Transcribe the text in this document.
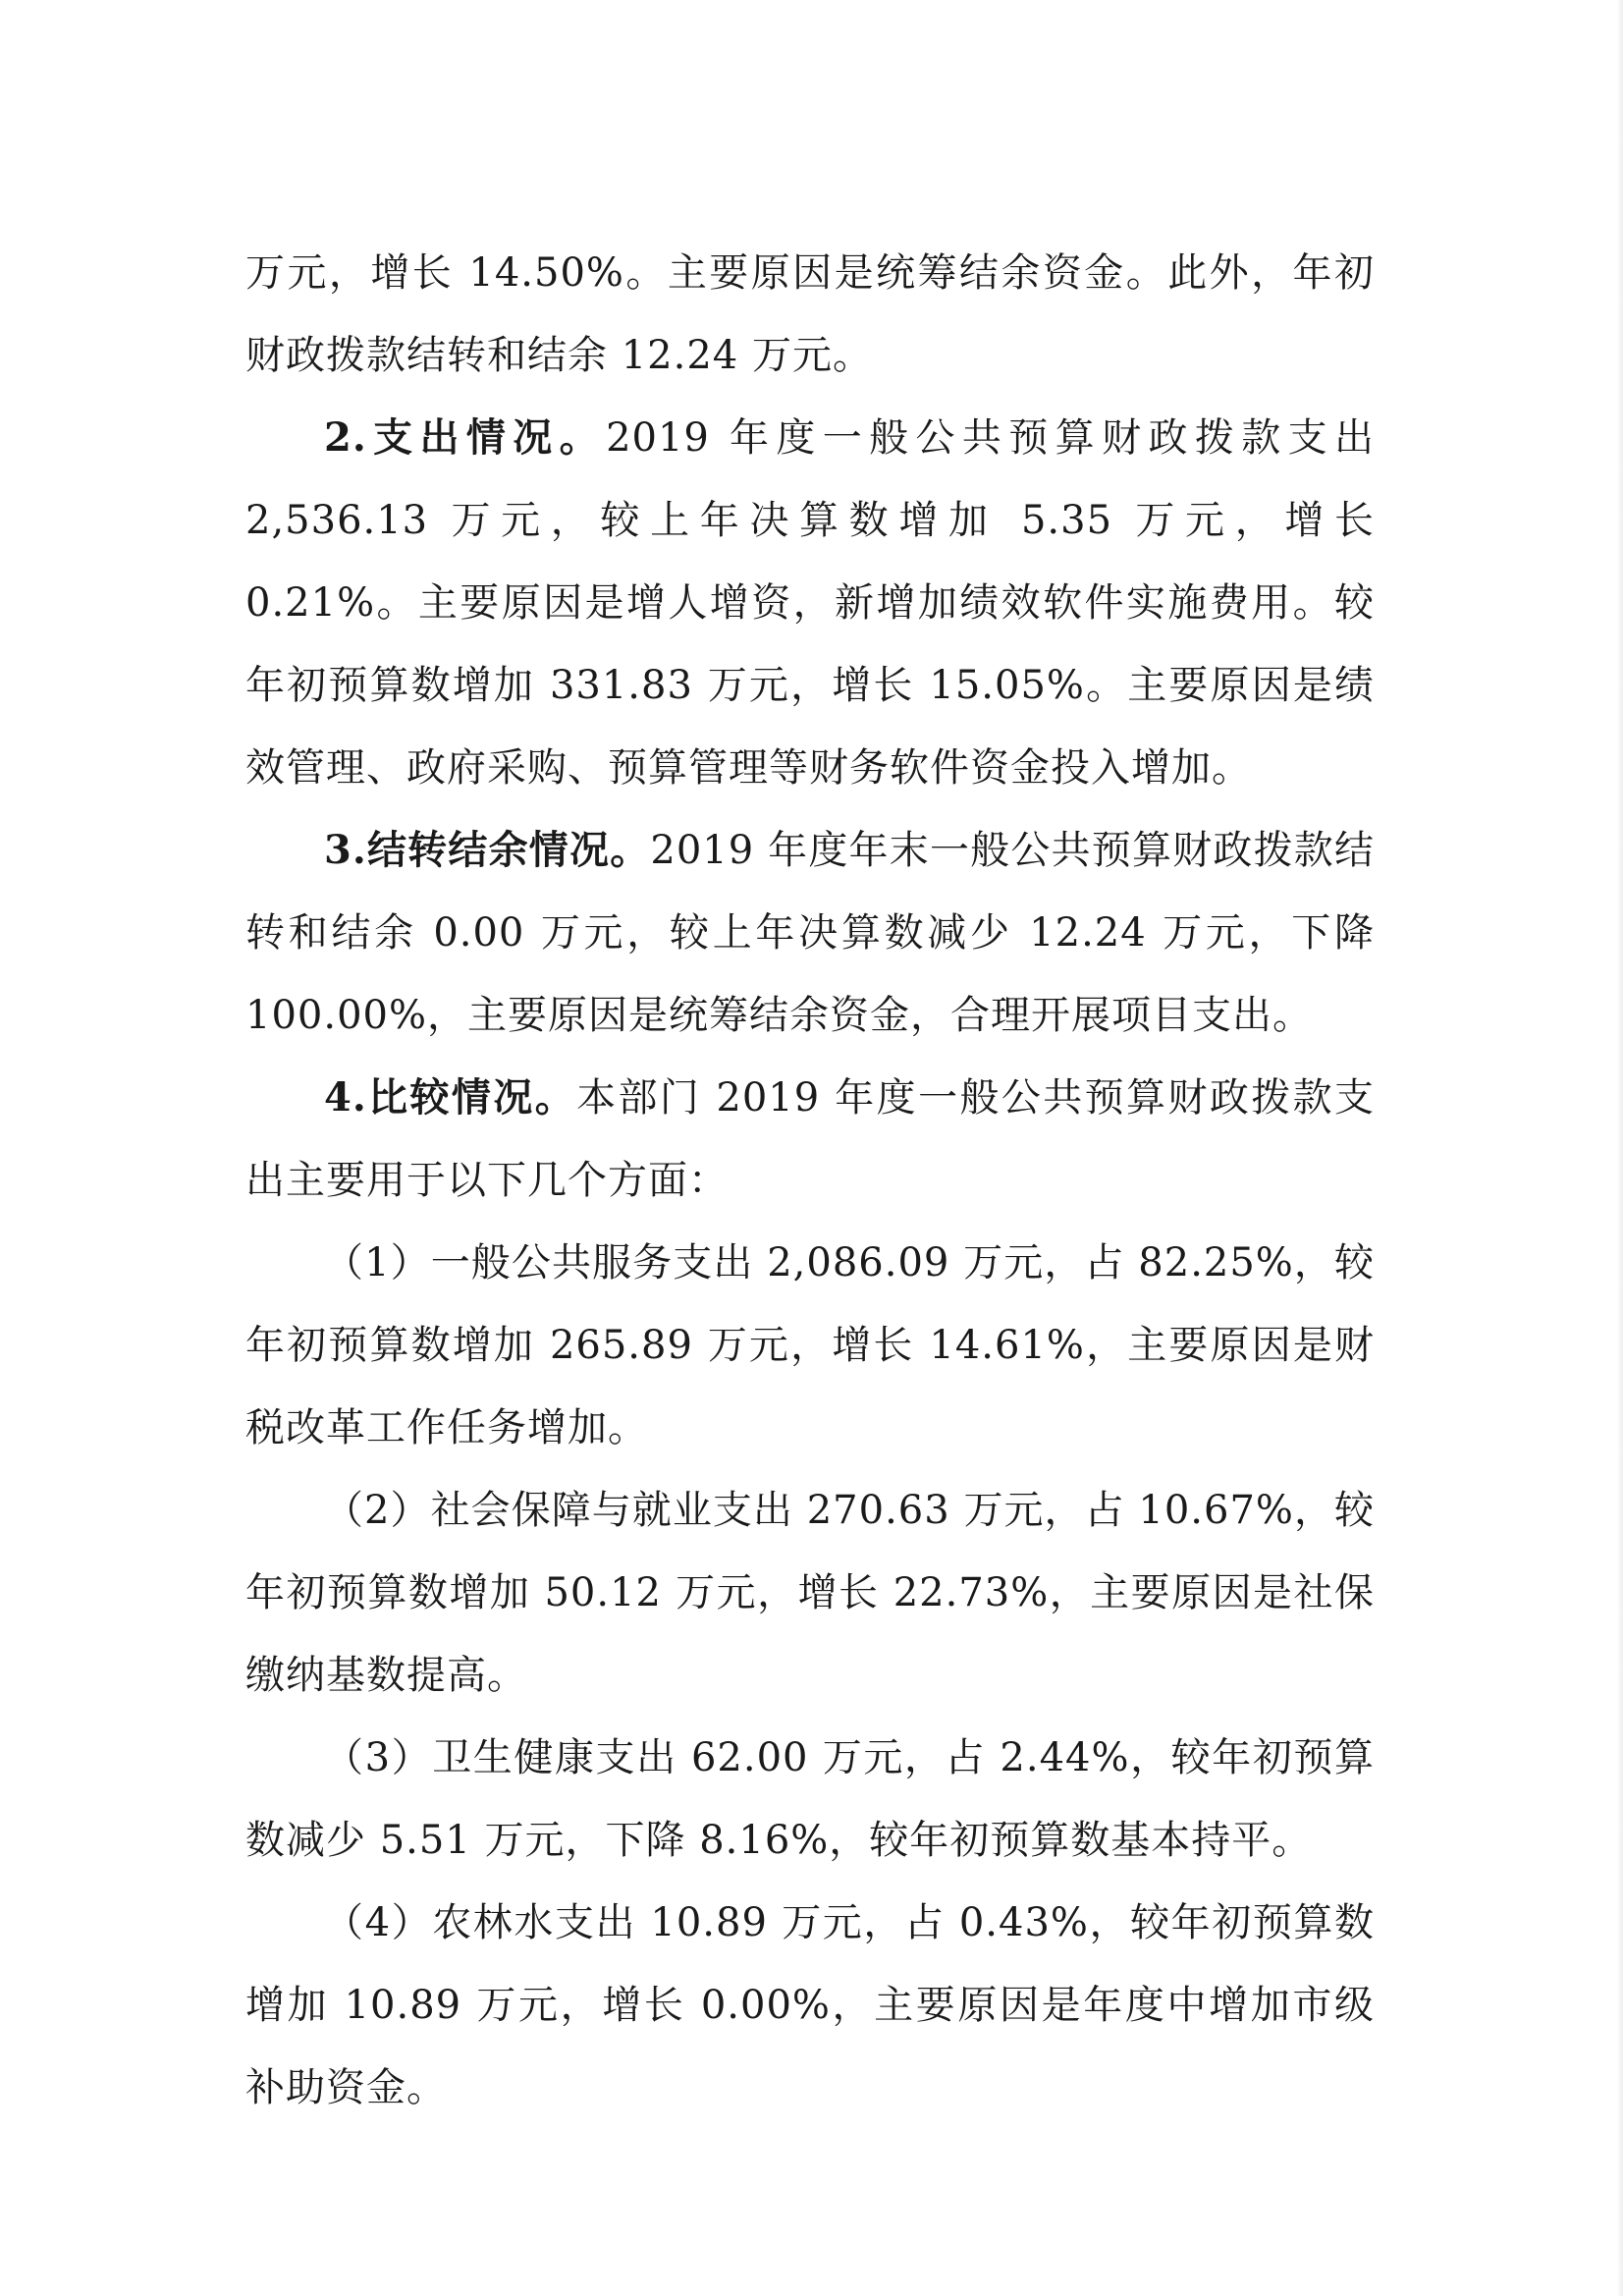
万元，增长 14.50%。主要原因是统筹结余资金。此外，年初财政拨款结转和结余 12.24 万元。

2.支出情况。2019 年度一般公共预算财政拨款支出 2,536.13 万元，较上年决算数增加 5.35 万元，增长 0.21%。主要原因是增人增资，新增加绩效软件实施费用。较年初预算数增加 331.83 万元，增长 15.05%。主要原因是绩效管理、政府采购、预算管理等财务软件资金投入增加。

3.结转结余情况。2019 年度年末一般公共预算财政拨款结转和结余 0.00 万元，较上年决算数减少 12.24 万元，下降 100.00%，主要原因是统筹结余资金，合理开展项目支出。

4.比较情况。本部门 2019 年度一般公共预算财政拨款支出主要用于以下几个方面：

（1）一般公共服务支出 2,086.09 万元，占 82.25%，较年初预算数增加 265.89 万元，增长 14.61%，主要原因是财税改革工作任务增加。

（2）社会保障与就业支出 270.63 万元，占 10.67%，较年初预算数增加 50.12 万元，增长 22.73%，主要原因是社保缴纳基数提高。

（3）卫生健康支出 62.00 万元，占 2.44%，较年初预算数减少 5.51 万元，下降 8.16%，较年初预算数基本持平。

（4）农林水支出 10.89 万元，占 0.43%，较年初预算数增加 10.89 万元，增长 0.00%，主要原因是年度中增加市级补助资金。
